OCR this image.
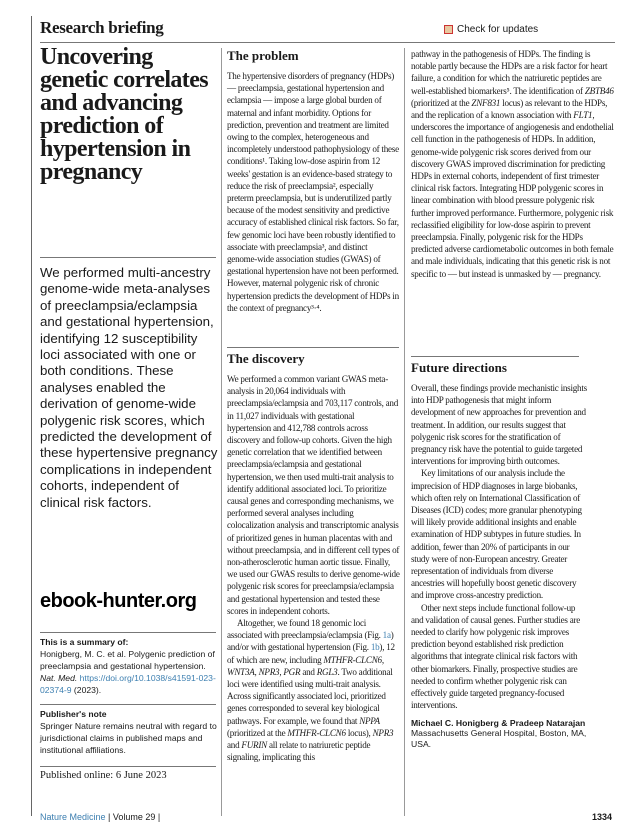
Research briefing	Check for updates
Uncovering genetic correlates and advancing prediction of hypertension in pregnancy

We performed multi-ancestry genome-wide meta-analyses of preeclampsia/eclampsia and gestational hypertension, identifying 12 susceptibility loci associated with one or both conditions. These analyses enabled the derivation of genome-wide polygenic risk scores, which predicted the development of these hypertensive pregnancy complications in independent cohorts, independent of clinical risk factors.

ebook-hunter.org
This is a summary of:
Honigberg, M. C. et al. Polygenic prediction of preeclampsia and gestational hypertension. Nat. Med. https://doi.org/10.1038/s41591-023-02374-9 (2023).
Publisher's note
Springer Nature remains neutral with regard to jurisdictional claims in published maps and institutional affiliations.
Published online: 6 June 2023
The problem

The hypertensive disorders of pregnancy (HDPs) — preeclampsia, gestational hypertension and eclampsia — impose a large global burden of maternal and infant morbidity. Options for prediction, prevention and treatment are limited owing to the complex, heterogeneous and incompletely understood pathophysiology of these conditions¹. Taking low-dose aspirin from 12 weeks' gestation is an evidence-based strategy to reduce the risk of preeclampsia², especially preterm preeclampsia, but is underutilized partly because of the modest sensitivity and predictive accuracy of established clinical risk factors. So far, few genomic loci have been robustly identified to associate with preeclampsia³, and distinct genome-wide association studies (GWAS) of gestational hypertension have not been performed. However, maternal polygenic risk of chronic hypertension predicts the development of HDPs in the context of pregnancy³·⁴.

The discovery

We performed a common variant GWAS meta-analysis in 20,064 individuals with preeclampsia/eclampsia and 703,117 controls, and in 11,027 individuals with gestational hypertension and 412,788 controls across discovery and follow-up cohorts. Given the high genetic correlation that we identified between preeclampsia/eclampsia and gestational hypertension, we then used multi-trait analysis to identify additional associated loci. To prioritize causal genes and corresponding mechanisms, we performed several analyses including colocalization analysis and transcriptomic analysis of prioritized genes in human placentas with and without preeclampsia, and in different cell types of non-atherosclerotic human aortic tissue. Finally, we used our GWAS results to derive genome-wide polygenic risk scores for preeclampsia/eclampsia and gestational hypertension and tested these scores in independent cohorts.

Altogether, we found 18 genomic loci associated with preeclampsia/eclampsia (Fig. 1a) and/or with gestational hypertension (Fig. 1b), 12 of which are new, including MTHFR-CLCN6, WNT3A, NPR3, PGR and RGL3. Two additional loci were identified using multi-trait analysis. Across significantly associated loci, prioritized genes corresponded to several key biological pathways. For example, we found that NPPA (prioritized at the MTHFR-CLCN6 locus), NPR3 and FURIN all relate to natriuretic peptide signaling, implicating this

pathway in the pathogenesis of HDPs. The finding is notable partly because the HDPs are a risk factor for heart failure, a condition for which the natriuretic peptides are well-established biomarkers⁵. The identification of ZBTB46 (prioritized at the ZNF831 locus) as relevant to the HDPs, and the replication of a known association with FLT1, underscores the importance of angiogenesis and endothelial cell function in the pathogenesis of HDPs. In addition, genome-wide polygenic risk scores derived from our discovery GWAS improved discrimination for predicting HDPs in external cohorts, independent of first trimester clinical risk factors. Integrating HDP polygenic scores in linear combination with blood pressure polygenic risk further improved performance. Furthermore, polygenic risk reclassified eligibility for low-dose aspirin to prevent preeclampsia. Finally, polygenic risk for the HDPs predicted adverse cardiometabolic outcomes in both female and male individuals, indicating that this genetic risk is not specific to — but instead is unmasked by — pregnancy.

Future directions

Overall, these findings provide mechanistic insights into HDP pathogenesis that might inform development of new approaches for prevention and treatment. In addition, our results suggest that polygenic risk scores for the stratification of pregnancy risk have the potential to guide targeted interventions for improving birth outcomes.

Key limitations of our analysis include the imprecision of HDP diagnoses in large biobanks, which often rely on International Classification of Diseases (ICD) codes; more granular phenotyping will likely provide additional insights and enable examination of HDP subtypes in future studies. In addition, fewer than 20% of participants in our study were of non-European ancestry. Greater representation of individuals from diverse ancestries will hopefully boost genetic discovery and improve cross-ancestry prediction.

Other next steps include functional follow-up and validation of causal genes. Further studies are needed to clarify how polygenic risk improves prediction beyond established risk prediction algorithms that integrate clinical risk factors with other biomarkers. Finally, prospective studies are needed to confirm whether polygenic risk can effectively guide targeted pregnancy-focused interventions.

Michael C. Honigberg & Pradeep Natarajan
Massachusetts General Hospital, Boston, MA, USA.
Nature Medicine | Volume 29 |	1334
